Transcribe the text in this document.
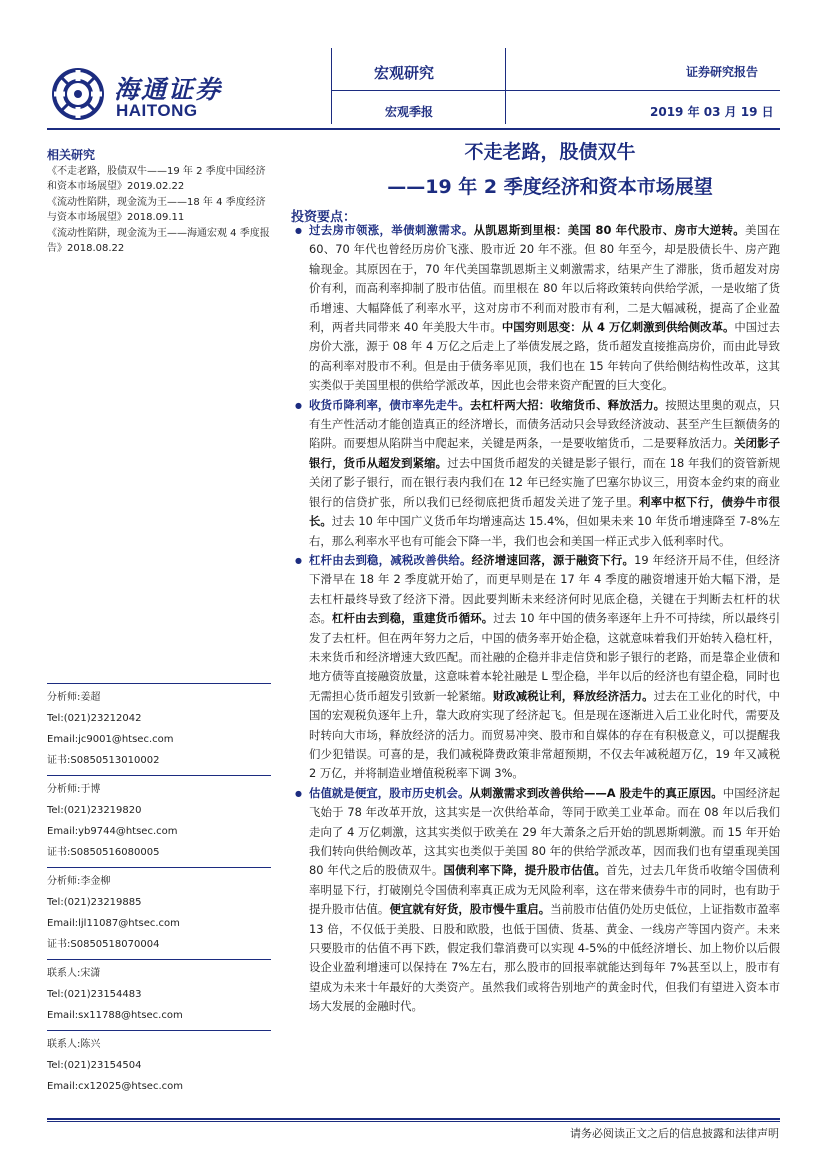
海通证券
HAITONG
宏观研究
宏观季报
证券研究报告
2019 年 03 月 19 日
相关研究
《不走老路，股债双牛——19 年 2 季度中国经济和资本市场展望》2019.02.22
《流动性陷阱，现金流为王——18 年 4 季度经济与资本市场展望》2018.09.11
《流动性陷阱，现金流为王——海通宏观 4 季度报告》2018.08.22
分析师:姜超
Tel:(021)23212042
Email:jc9001@htsec.com
证书:S0850513010002
分析师:于博
Tel:(021)23219820
Email:yb9744@htsec.com
证书:S0850516080005
分析师:李金柳
Tel:(021)23219885
Email:ljl11087@htsec.com
证书:S0850518070004
联系人:宋潇
Tel:(021)23154483
Email:sx11788@htsec.com
联系人:陈兴
Tel:(021)23154504
Email:cx12025@htsec.com
不走老路，股债双牛
——19 年 2 季度经济和资本市场展望
投资要点：

● 过去房市领涨，举债刺激需求。从凯恩斯到里根：美国 80 年代股市、房市大逆转。美国在 60、70 年代也曾经历房价飞涨、股市近 20 年不涨。但 80 年至今，却是股债长牛、房产跑输现金。其原因在于，70 年代美国靠凯恩斯主义刺激需求，结果产生了滞胀，货币超发对房价有利，而高利率抑制了股市估值。而里根在 80 年以后将政策转向供给学派，一是收缩了货币增速、大幅降低了利率水平，这对房市不利而对股市有利，二是大幅减税，提高了企业盈利，两者共同带来 40 年美股大牛市。中国穷则思变：从 4 万亿刺激到供给侧改革。中国过去房价大涨，源于 08 年 4 万亿之后走上了举债发展之路，货币超发直接推高房价，而由此导致的高利率对股市不利。但是由于债务率见顶，我们也在 15 年转向了供给侧结构性改革，这其实类似于美国里根的供给学派改革，因此也会带来资产配置的巨大变化。

● 收货币降利率，债市率先走牛。去杠杆两大招：收缩货币、释放活力。按照达里奥的观点，只有生产性活动才能创造真正的经济增长，而债务活动只会导致经济波动、甚至产生巨额债务的陷阱。而要想从陷阱当中爬起来，关键是两条，一是要收缩货币，二是要释放活力。关闭影子银行，货币从超发到紧缩。过去中国货币超发的关键是影子银行，而在 18 年我们的资管新规关闭了影子银行，而在银行表内我们在 12 年已经实施了巴塞尔协议三，用资本金约束的商业银行的信贷扩张，所以我们已经彻底把货币超发关进了笼子里。利率中枢下行，债券牛市很长。过去 10 年中国广义货币年均增速高达 15.4%，但如果未来 10 年货币增速降至 7-8%左右，那么利率水平也有可能会下降一半，我们也会和美国一样正式步入低利率时代。

● 杠杆由去到稳，减税改善供给。经济增速回落，源于融资下行。19 年经济开局不佳，但经济下滑早在 18 年 2 季度就开始了，而更早则是在 17 年 4 季度的融资增速开始大幅下滑，是去杠杆最终导致了经济下滑。因此要判断未来经济何时见底企稳，关键在于判断去杠杆的状态。杠杆由去到稳，重建货币循环。过去 10 年中国的债务率逐年上升不可持续，所以最终引发了去杠杆。但在两年努力之后，中国的债务率开始企稳，这就意味着我们开始转入稳杠杆，未来货币和经济增速大致匹配。而社融的企稳并非走信贷和影子银行的老路，而是靠企业债和地方债等直接融资放量，这意味着本轮社融是 L 型企稳，半年以后的经济也有望企稳，同时也无需担心货币超发引致新一轮紧缩。财政减税让利，释放经济活力。过去在工业化的时代，中国的宏观税负逐年上升，靠大政府实现了经济起飞。但是现在逐渐进入后工业化时代，需要及时转向大市场，释放经济的活力。而贸易冲突、股市和自媒体的存在有积极意义，可以提醒我们少犯错误。可喜的是，我们减税降费政策非常超预期，不仅去年减税超万亿，19 年又减税 2 万亿，并将制造业增值税税率下调 3%。

● 估值就是便宜，股市历史机会。从刺激需求到改善供给——A 股走牛的真正原因。中国经济起飞始于 78 年改革开放，这其实是一次供给革命，等同于欧美工业革命。而在 08 年以后我们走向了 4 万亿刺激，这其实类似于欧美在 29 年大萧条之后开始的凯恩斯刺激。而 15 年开始我们转向供给侧改革，这其实也类似于美国 80 年的供给学派改革，因而我们也有望重现美国 80 年代之后的股债双牛。国债利率下降，提升股市估值。首先，过去几年货币收缩令国债利率明显下行，打破刚兑令国债利率真正成为无风险利率，这在带来债券牛市的同时，也有助于提升股市估值。便宜就有好货，股市慢牛重启。当前股市估值仍处历史低位，上证指数市盈率 13 倍，不仅低于美股、日股和欧股，也低于国债、货基、黄金、一线房产等国内资产。未来只要股市的估值不再下跌，假定我们靠消费可以实现 4-5%的中低经济增长、加上物价以后假设企业盈利增速可以保持在 7%左右，那么股市的回报率就能达到每年 7%甚至以上，股市有望成为未来十年最好的大类资产。虽然我们或将告别地产的黄金时代，但我们有望进入资本市场大发展的金融时代。

请务必阅读正文之后的信息披露和法律声明
